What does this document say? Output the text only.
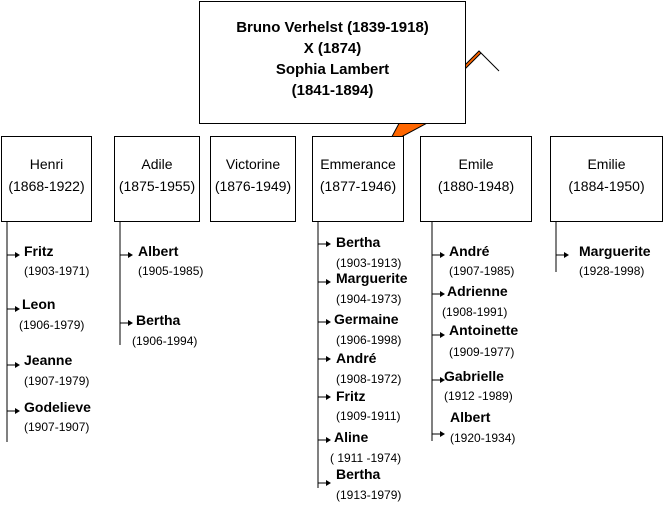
Bruno Verhelst (1839-1918)
X (1874)
Sophia Lambert
(1841-1894)
Henri
(1868-1922)
Adile
(1875-1955)
Victorine
(1876-1949)
Emmerance
(1877-1946)
Emile
(1880-1948)
Emilie
(1884-1950)
Fritz
(1903-1971)
Leon
(1906-1979)
Jeanne
(1907-1979)
Godelieve
(1907-1907)
Albert
(1905-1985)
Bertha
(1906-1994)
Bertha
(1903-1913)
Marguerite
(1904-1973)
Germaine
(1906-1998)
André
(1908-1972)
Fritz
(1909-1911)
Aline
( 1911 -1974)
Bertha
(1913-1979)
André
(1907-1985)
Adrienne
(1908-1991)
Antoinette
(1909-1977)
Gabrielle
(1912 -1989)
Albert
(1920-1934)
Marguerite
(1928-1998)
